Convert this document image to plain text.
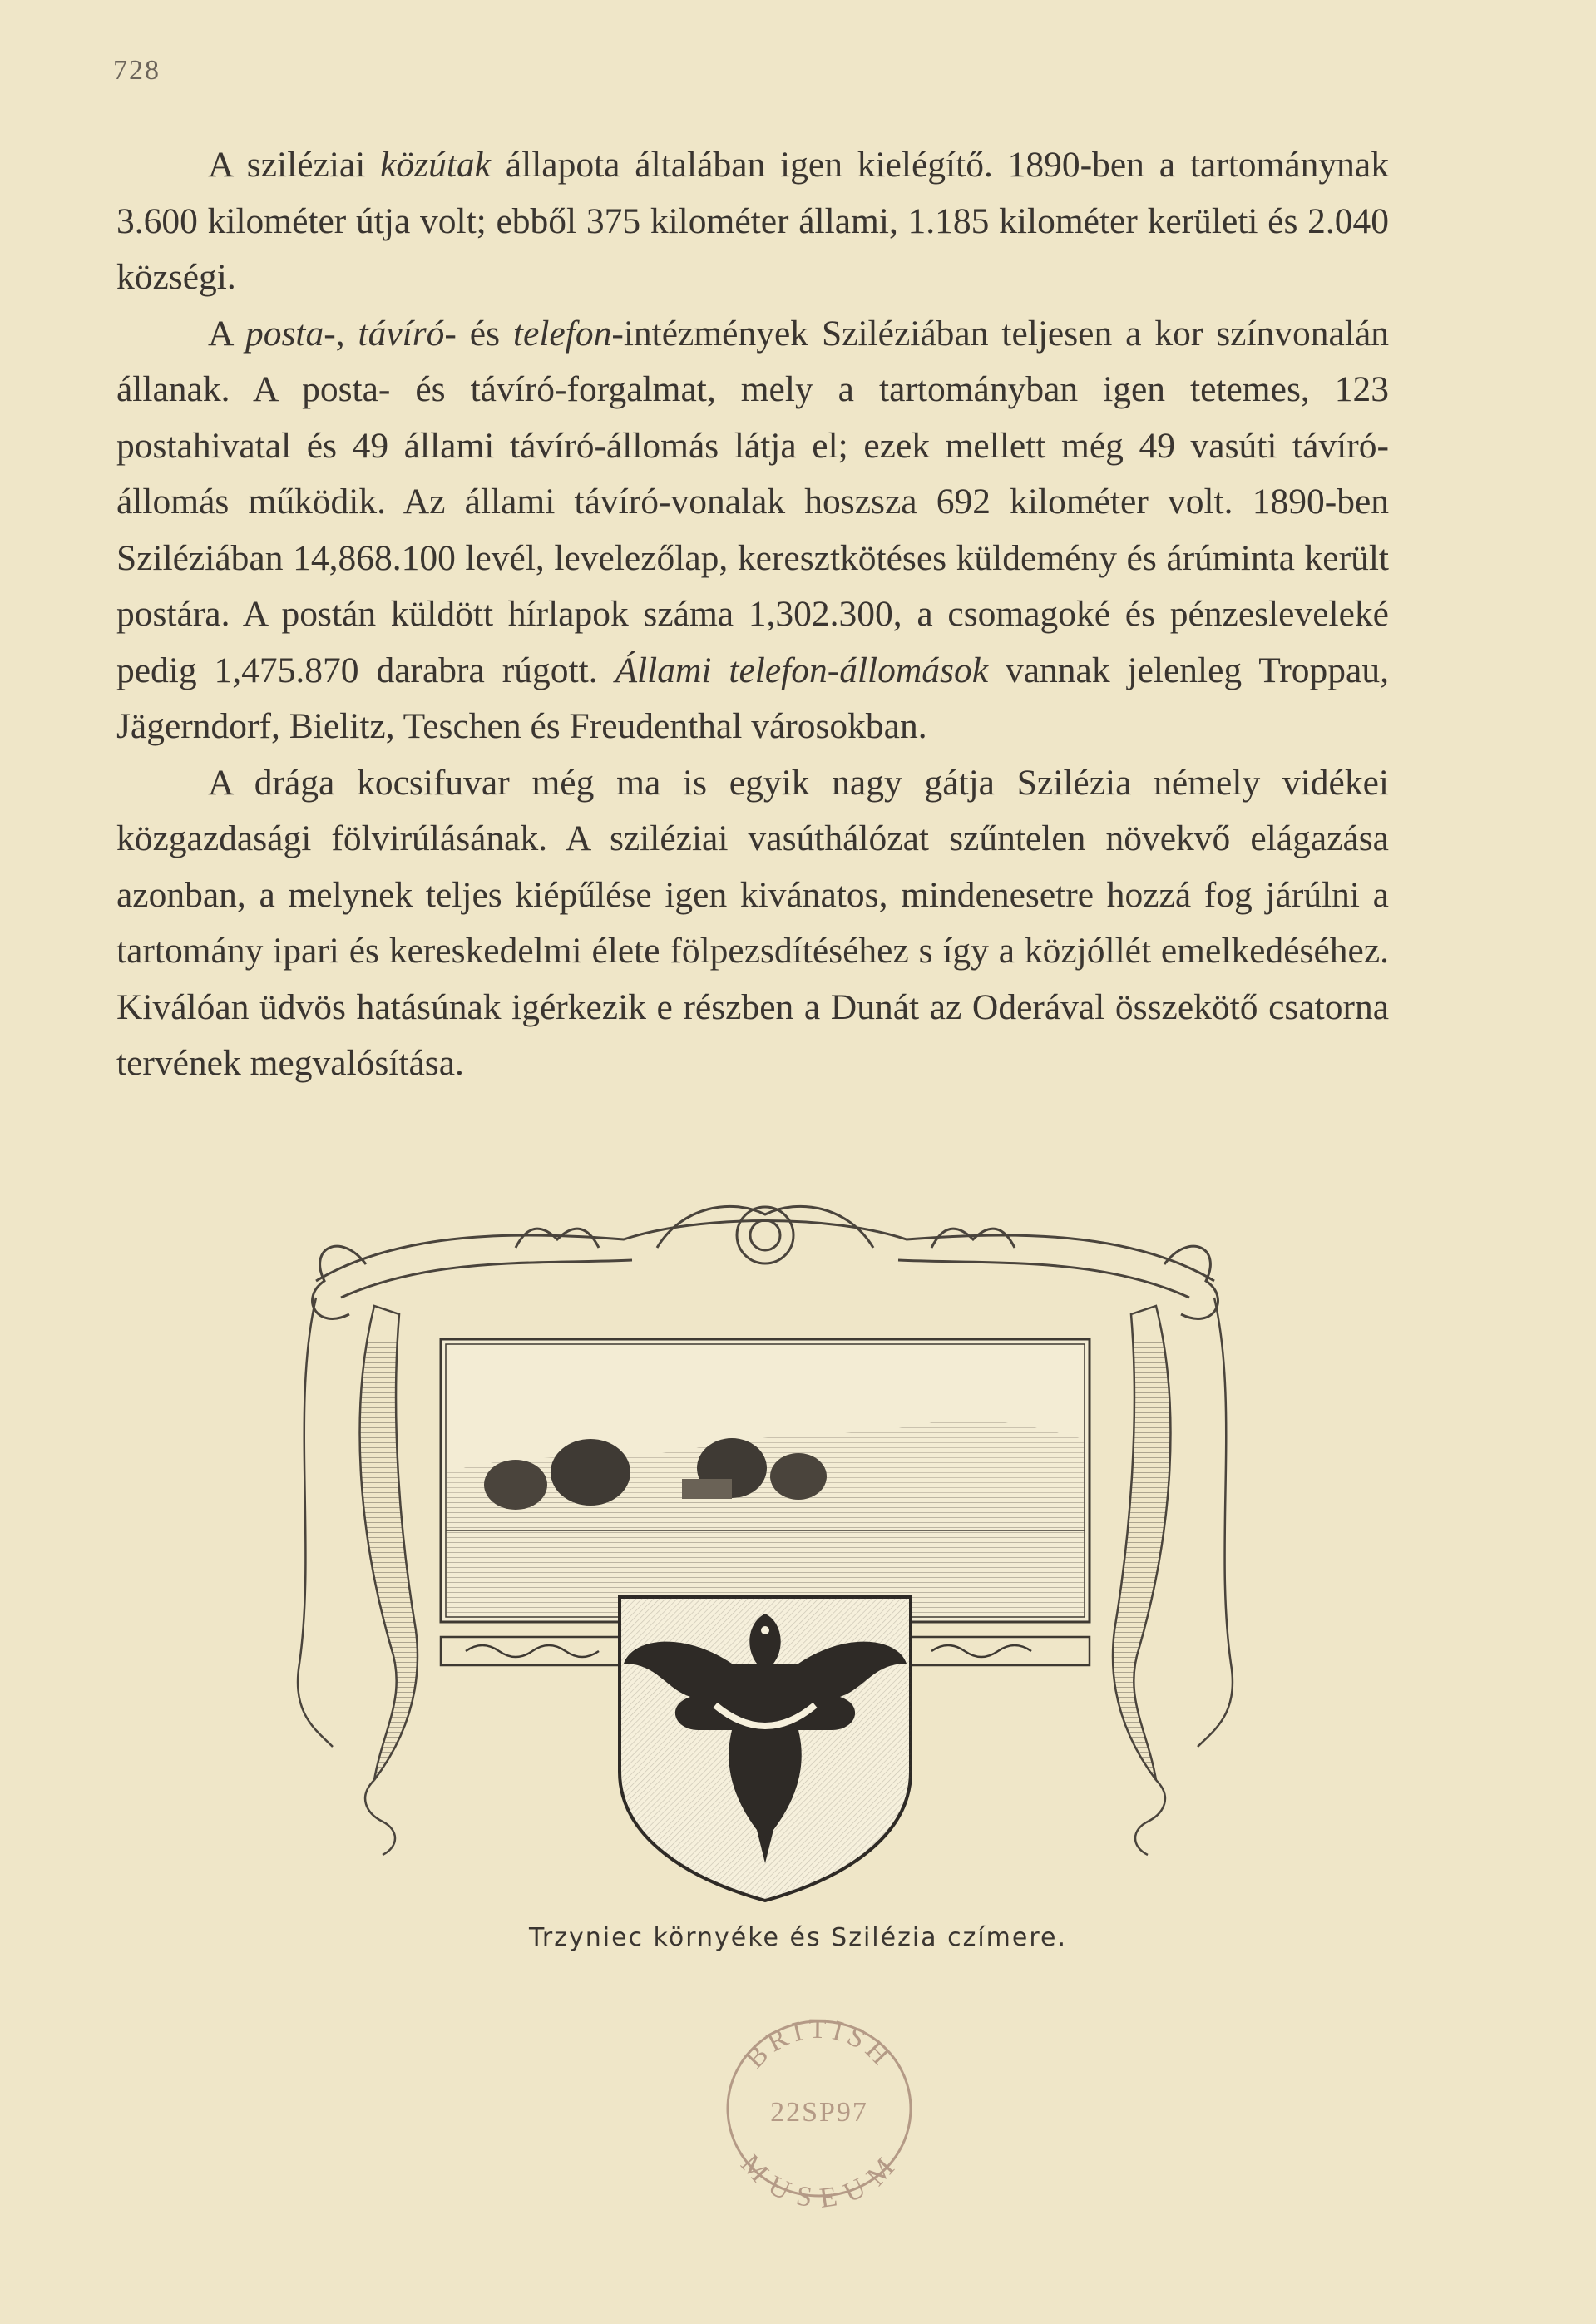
728

A sziléziai közútak állapota általában igen kielégítő. 1890-ben a tartománynak 3.600 kilométer útja volt; ebből 375 kilométer állami, 1.185 kilométer kerületi és 2.040 községi.

A posta-, távíró- és telefon-intézmények Sziléziában teljesen a kor színvonalán állanak. A posta- és távíró-forgalmat, mely a tartományban igen tetemes, 123 postahivatal és 49 állami távíró-állomás látja el; ezek mellett még 49 vasúti távíró-állomás működik. Az állami távíró-vonalak hoszsza 692 kilométer volt. 1890-ben Sziléziában 14,868.100 levél, levelezőlap, keresztkötéses küldemény és árúminta került postára. A postán küldött hírlapok száma 1,302.300, a csomagoké és pénzesleveleké pedig 1,475.870 darabra rúgott. Állami telefon-állomások vannak jelenleg Troppau, Jägerndorf, Bielitz, Teschen és Freudenthal városokban.

A drága kocsifuvar még ma is egyik nagy gátja Szilézia némely vidékei közgazdasági fölvirúlásának. A sziléziai vasúthálózat szűntelen növekvő elágazása azonban, a melynek teljes kiépűlése igen kivánatos, mindenesetre hozzá fog járúlni a tartomány ipari és kereskedelmi élete fölpezsdítéséhez s így a közjóllét emelkedéséhez. Kiválóan üdvös hatásúnak igérkezik e részben a Dunát az Oderával összekötő csatorna tervének megvalósítása.

Trzyniec környéke és Szilézia czímere.
BRITISH
22SP97
MUSEUM
